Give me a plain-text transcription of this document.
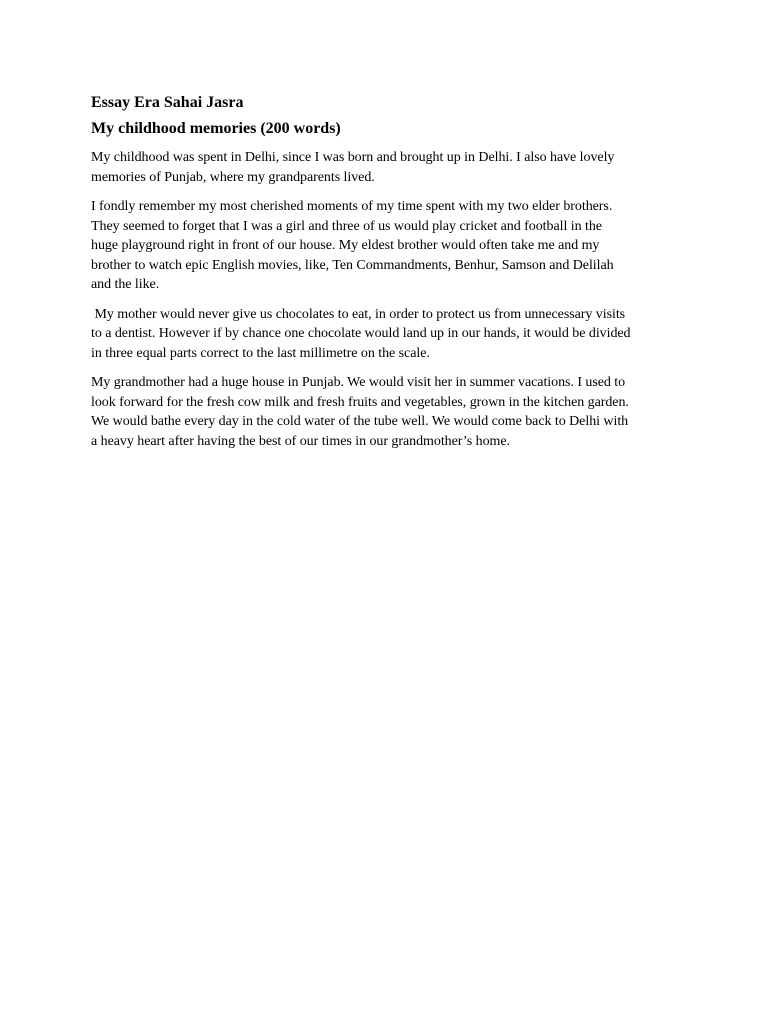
Essay Era Sahai Jasra
My childhood memories (200 words)

My childhood was spent in Delhi, since I was born and brought up in Delhi. I also have lovely
memories of Punjab, where my grandparents lived.

I fondly remember my most cherished moments of my time spent with my two elder brothers.
They seemed to forget that I was a girl and three of us would play cricket and football in the
huge playground right in front of our house. My eldest brother would often take me and my
brother to watch epic English movies, like, Ten Commandments, Benhur, Samson and Delilah
and the like.

My mother would never give us chocolates to eat, in order to protect us from unnecessary visits
to a dentist. However if by chance one chocolate would land up in our hands, it would be divided
in three equal parts correct to the last millimetre on the scale.

My grandmother had a huge house in Punjab. We would visit her in summer vacations. I used to
look forward for the fresh cow milk and fresh fruits and vegetables, grown in the kitchen garden.
We would bathe every day in the cold water of the tube well. We would come back to Delhi with
a heavy heart after having the best of our times in our grandmother’s home.
